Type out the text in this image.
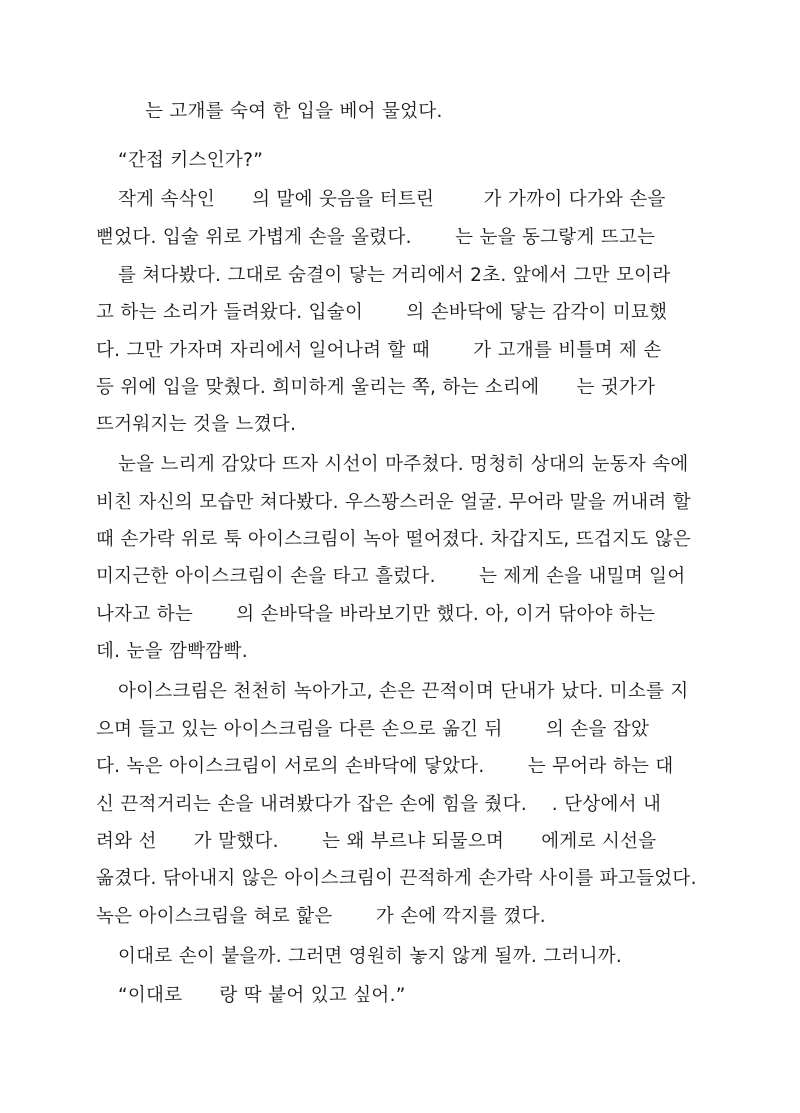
는 고개를 숙여 한 입을 베어 물었다.
“간접 키스인가?”
작게 속삭인      의 말에 웃음을 터트린        가 가까이 다가와 손을
뻗었다. 입술 위로 가볍게 손을 올렸다.       는 눈을 동그랗게 뜨고는
를 쳐다봤다. 그대로 숨결이 닿는 거리에서 2초. 앞에서 그만 모이라
고 하는 소리가 들려왔다. 입술이       의 손바닥에 닿는 감각이 미묘했
다. 그만 가자며 자리에서 일어나려 할 때       가 고개를 비틀며 제 손
등 위에 입을 맞췄다. 희미하게 울리는 쪽, 하는 소리에      는 귓가가
뜨거워지는 것을 느꼈다.
눈을 느리게 감았다 뜨자 시선이 마주쳤다. 멍청히 상대의 눈동자 속에
비친 자신의 모습만 쳐다봤다. 우스꽝스러운 얼굴. 무어라 말을 꺼내려 할
때 손가락 위로 툭 아이스크림이 녹아 떨어졌다. 차갑지도, 뜨겁지도 않은
미지근한 아이스크림이 손을 타고 흘렀다.       는 제게 손을 내밀며 일어
나자고 하는       의 손바닥을 바라보기만 했다. 아, 이거 닦아야 하는
데. 눈을 깜빡깜빡.
아이스크림은 천천히 녹아가고, 손은 끈적이며 단내가 났다. 미소를 지
으며 들고 있는 아이스크림을 다른 손으로 옮긴 뒤       의 손을 잡았
다. 녹은 아이스크림이 서로의 손바닥에 닿았다.       는 무어라 하는 대
신 끈적거리는 손을 내려봤다가 잡은 손에 힘을 줬다.    . 단상에서 내
려와 선      가 말했다.       는 왜 부르냐 되물으며      에게로 시선을
옮겼다. 닦아내지 않은 아이스크림이 끈적하게 손가락 사이를 파고들었다.
녹은 아이스크림을 혀로 핥은       가 손에 깍지를 꼈다.
이대로 손이 붙을까. 그러면 영원히 놓지 않게 될까. 그러니까.
“이대로      랑 딱 붙어 있고 싶어.”
